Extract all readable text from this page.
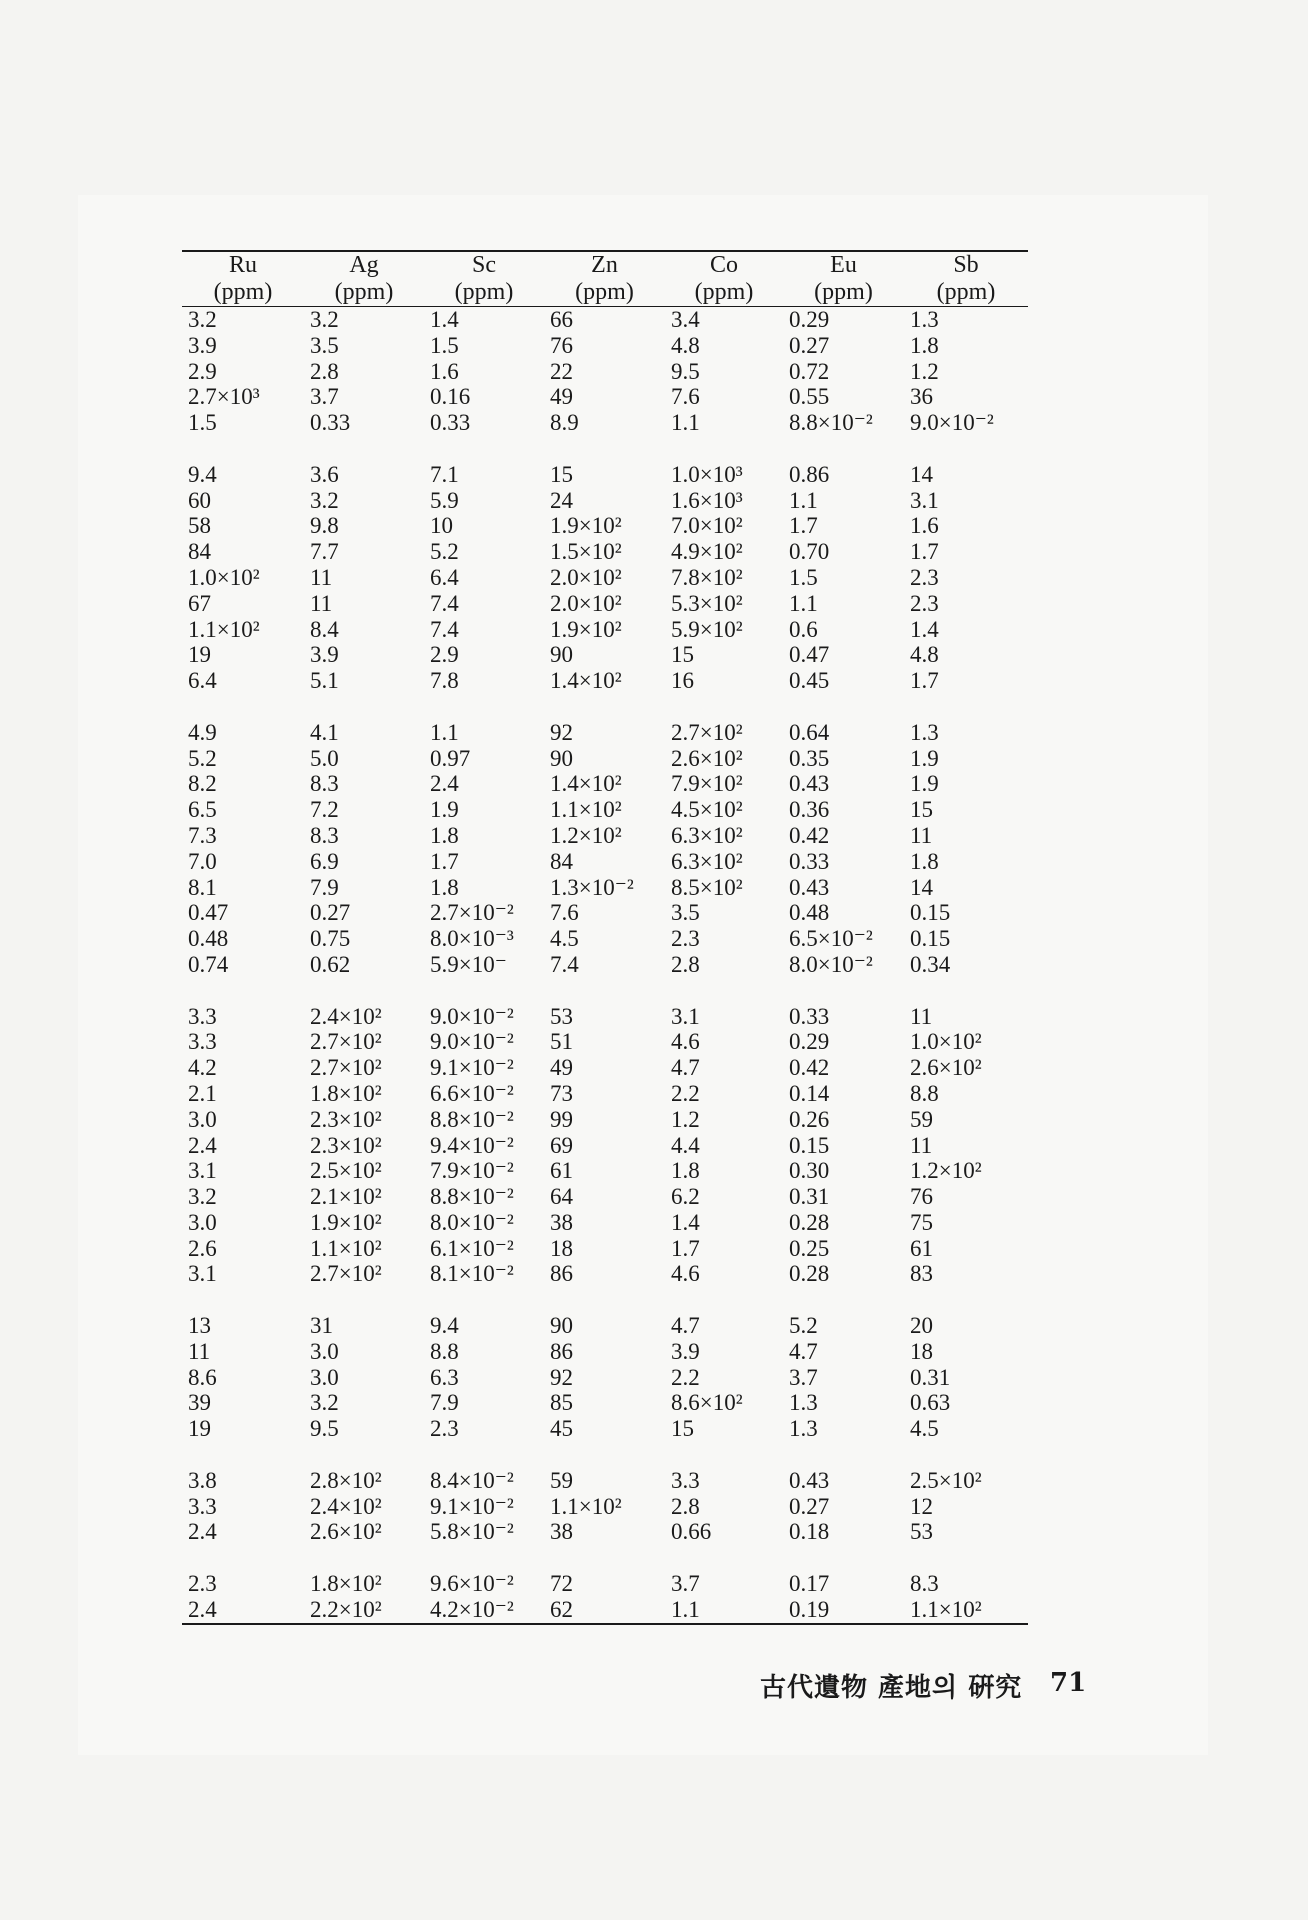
Ru	Ag	Sc	Zn	Co	Eu	Sb
(ppm)	(ppm)	(ppm)	(ppm)	(ppm)	(ppm)	(ppm)
3.2	3.2	1.4	66	3.4	0.29	1.3
3.9	3.5	1.5	76	4.8	0.27	1.8
2.9	2.8	1.6	22	9.5	0.72	1.2
2.7×10³	3.7	0.16	49	7.6	0.55	36
1.5	0.33	0.33	8.9	1.1	8.8×10⁻²	9.0×10⁻²

9.4	3.6	7.1	15	1.0×10³	0.86	14
60	3.2	5.9	24	1.6×10³	1.1	3.1
58	9.8	10	1.9×10²	7.0×10²	1.7	1.6
84	7.7	5.2	1.5×10²	4.9×10²	0.70	1.7
1.0×10²	11	6.4	2.0×10²	7.8×10²	1.5	2.3
67	11	7.4	2.0×10²	5.3×10²	1.1	2.3
1.1×10²	8.4	7.4	1.9×10²	5.9×10²	0.6	1.4
19	3.9	2.9	90	15	0.47	4.8
6.4	5.1	7.8	1.4×10²	16	0.45	1.7

4.9	4.1	1.1	92	2.7×10²	0.64	1.3
5.2	5.0	0.97	90	2.6×10²	0.35	1.9
8.2	8.3	2.4	1.4×10²	7.9×10²	0.43	1.9
6.5	7.2	1.9	1.1×10²	4.5×10²	0.36	15
7.3	8.3	1.8	1.2×10²	6.3×10²	0.42	11
7.0	6.9	1.7	84	6.3×10²	0.33	1.8
8.1	7.9	1.8	1.3×10⁻²	8.5×10²	0.43	14
0.47	0.27	2.7×10⁻²	7.6	3.5	0.48	0.15
0.48	0.75	8.0×10⁻³	4.5	2.3	6.5×10⁻²	0.15
0.74	0.62	5.9×10⁻	7.4	2.8	8.0×10⁻²	0.34

3.3	2.4×10²	9.0×10⁻²	53	3.1	0.33	11
3.3	2.7×10²	9.0×10⁻²	51	4.6	0.29	1.0×10²
4.2	2.7×10²	9.1×10⁻²	49	4.7	0.42	2.6×10²
2.1	1.8×10²	6.6×10⁻²	73	2.2	0.14	8.8
3.0	2.3×10²	8.8×10⁻²	99	1.2	0.26	59
2.4	2.3×10²	9.4×10⁻²	69	4.4	0.15	11
3.1	2.5×10²	7.9×10⁻²	61	1.8	0.30	1.2×10²
3.2	2.1×10²	8.8×10⁻²	64	6.2	0.31	76
3.0	1.9×10²	8.0×10⁻²	38	1.4	0.28	75
2.6	1.1×10²	6.1×10⁻²	18	1.7	0.25	61
3.1	2.7×10²	8.1×10⁻²	86	4.6	0.28	83

13	31	9.4	90	4.7	5.2	20
11	3.0	8.8	86	3.9	4.7	18
8.6	3.0	6.3	92	2.2	3.7	0.31
39	3.2	7.9	85	8.6×10²	1.3	0.63
19	9.5	2.3	45	15	1.3	4.5

3.8	2.8×10²	8.4×10⁻²	59	3.3	0.43	2.5×10²
3.3	2.4×10²	9.1×10⁻²	1.1×10²	2.8	0.27	12
2.4	2.6×10²	5.8×10⁻²	38	0.66	0.18	53

2.3	1.8×10²	9.6×10⁻²	72	3.7	0.17	8.3
2.4	2.2×10²	4.2×10⁻²	62	1.1	0.19	1.1×10²
古代遺物 產地의 硏究 71
